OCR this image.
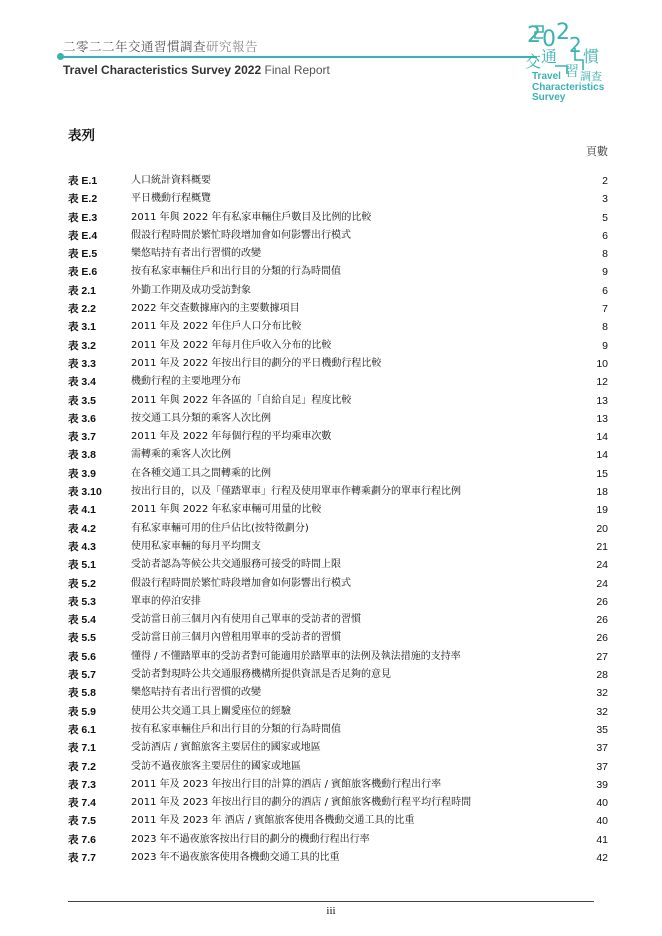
二零二二年交通習慣調查研究報告
Travel Characteristics Survey 2022 Final Report
2 0 2 2
交 通
習
慣
調 查
Travel
Characteristics
Survey
表列
頁數
表 E.1	人口統計資料概要	2
表 E.2	平日機動行程概覽	3
表 E.3	2011 年與 2022 年有私家車輛住戶數目及比例的比較	5
表 E.4	假設行程時間於繁忙時段增加會如何影響出行模式	6
表 E.5	樂悠咭持有者出行習慣的改變	8
表 E.6	按有私家車輛住戶和出行目的分類的行為時間值	9
表 2.1	外勤工作期及成功受訪對象	6
表 2.2	2022 年交查數據庫內的主要數據項目	7
表 3.1	2011 年及 2022 年住戶人口分布比較	8
表 3.2	2011 年及 2022 年每月住戶收入分布的比較	9
表 3.3	2011 年及 2022 年按出行目的劃分的平日機動行程比較	10
表 3.4	機動行程的主要地理分布	12
表 3.5	2011 年與 2022 年各區的「自給自足」程度比較	13
表 3.6	按交通工具分類的乘客人次比例	13
表 3.7	2011 年及 2022 年每個行程的平均乘車次數	14
表 3.8	需轉乘的乘客人次比例	14
表 3.9	在各種交通工具之間轉乘的比例	15
表 3.10	按出行目的，以及「僅踏單車」行程及使用單車作轉乘劃分的單車行程比例	18
表 4.1	2011 年與 2022 年私家車輛可用量的比較	19
表 4.2	有私家車輛可用的住戶佔比(按特徵劃分)	20
表 4.3	使用私家車輛的每月平均開支	21
表 5.1	受訪者認為等候公共交通服務可接受的時間上限	24
表 5.2	假設行程時間於繁忙時段增加會如何影響出行模式	24
表 5.3	單車的停泊安排	26
表 5.4	受訪當日前三個月內有使用自己單車的受訪者的習慣	26
表 5.5	受訪當日前三個月內曾租用單車的受訪者的習慣	26
表 5.6	懂得 / 不懂踏單車的受訪者對可能適用於踏單車的法例及執法措施的支持率	27
表 5.7	受訪者對現時公共交通服務機構所提供資訊是否足夠的意見	28
表 5.8	樂悠咭持有者出行習慣的改變	32
表 5.9	使用公共交通工具上關愛座位的經驗	32
表 6.1	按有私家車輛住戶和出行目的分類的行為時間值	35
表 7.1	受訪酒店 / 賓館旅客主要居住的國家或地區	37
表 7.2	受訪不過夜旅客主要居住的國家或地區	37
表 7.3	2011 年及 2023 年按出行目的計算的酒店 / 賓館旅客機動行程出行率	39
表 7.4	2011 年及 2023 年按出行目的劃分的酒店 / 賓館旅客機動行程平均行程時間	40
表 7.5	2011 年及 2023 年 酒店 / 賓館旅客使用各機動交通工具的比重	40
表 7.6	2023 年不過夜旅客按出行目的劃分的機動行程出行率	41
表 7.7	2023 年不過夜旅客使用各機動交通工具的比重	42
iii
